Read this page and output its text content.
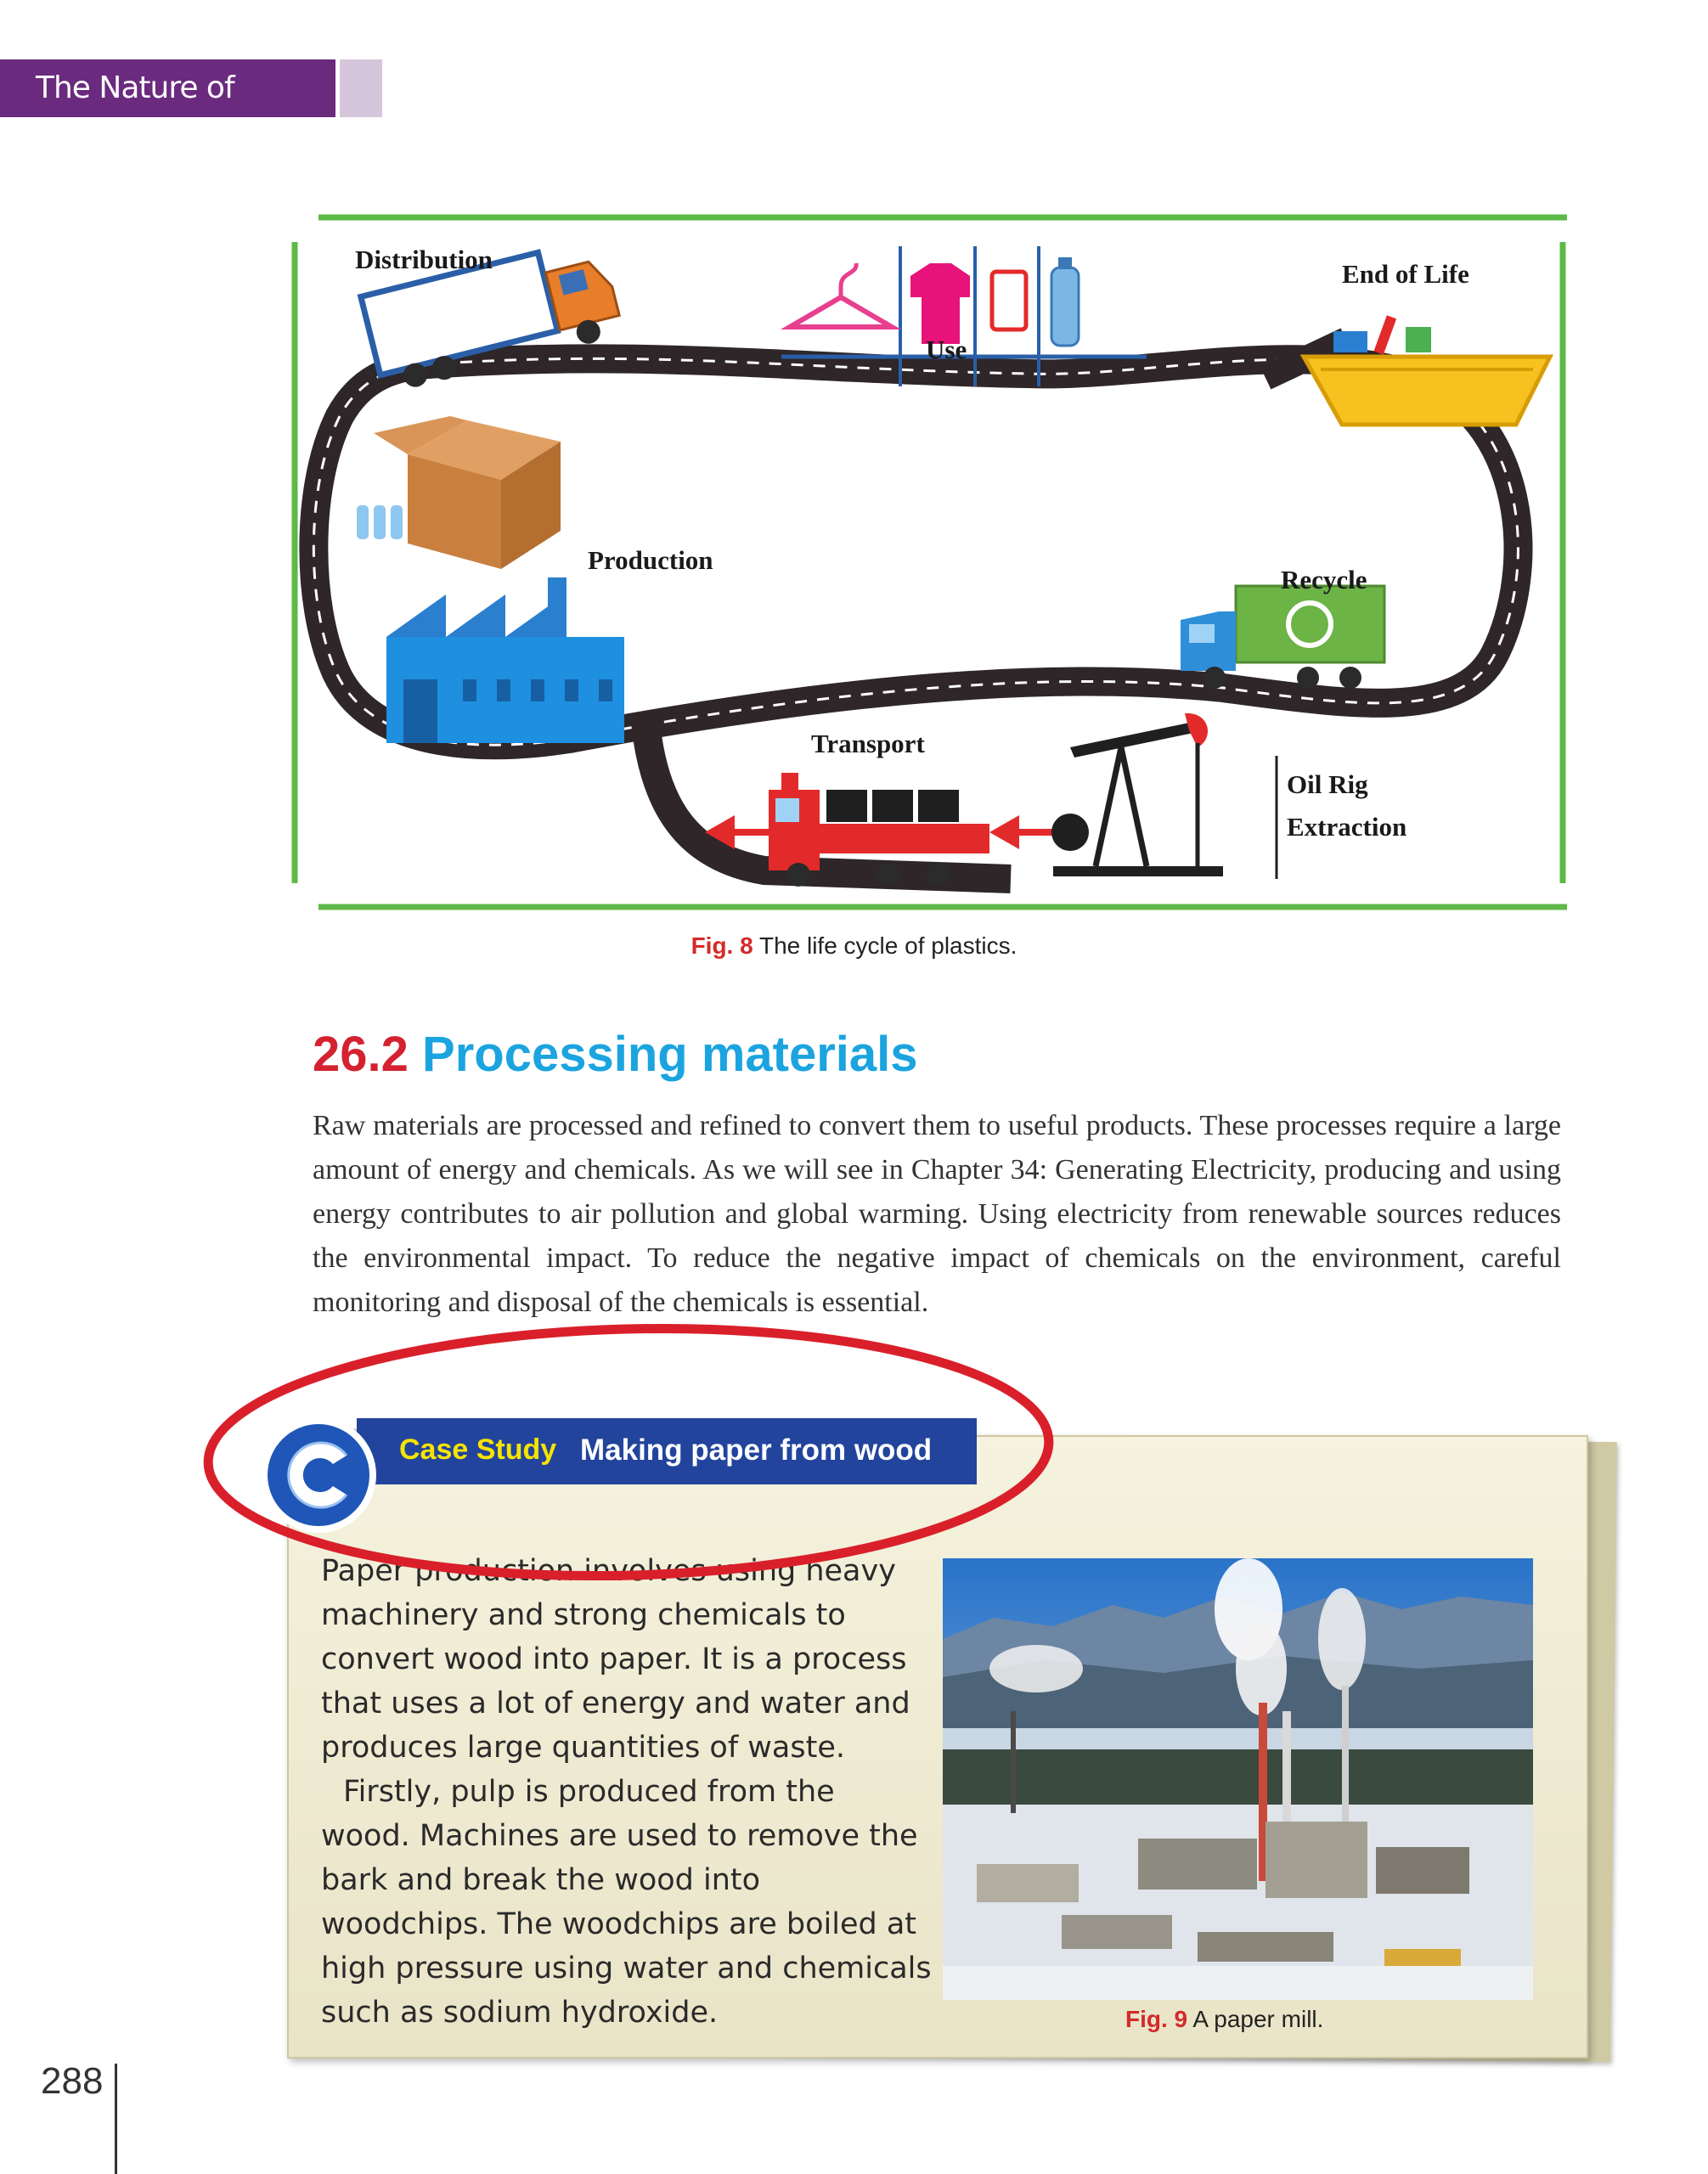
The Nature of Science
Distribution
Use
End of Life
Production
Recycle
Transport
Oil Rig
Extraction
Fig. 8 The life cycle of plastics.
26.2 Processing materials
Raw materials are processed and refined to convert them to useful products. These processes require a large amount of energy and chemicals. As we will see in Chapter 34: Generating Electricity, producing and using energy contributes to air pollution and global warming. Using electricity from renewable sources reduces the environmental impact. To reduce the negative impact of chemicals on the environment, careful monitoring and disposal of the chemicals is essential.
Case Study Making paper from wood

Paper production involves using heavy machinery and strong chemicals to convert wood into paper. It is a process that uses a lot of energy and water and produces large quantities of waste.

Firstly, pulp is produced from the wood. Machines are used to remove the bark and break the wood into woodchips. The woodchips are boiled at high pressure using water and chemicals such as sodium hydroxide.	Fig. 9 A paper mill.
288
